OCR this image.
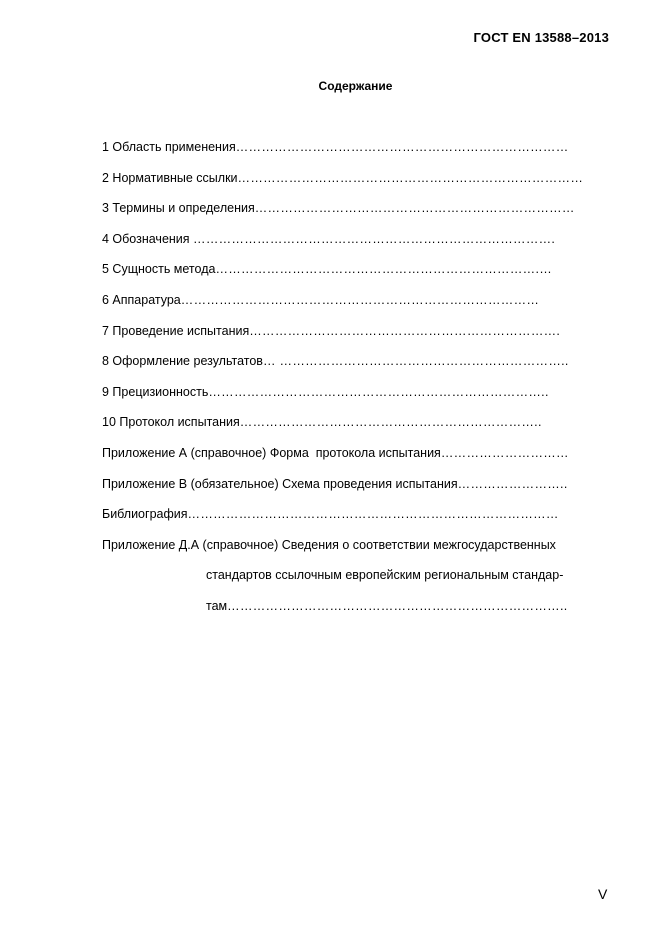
ГОСТ EN 13588–2013
Содержание
1 Область применения……………………………………………………………………
2 Нормативные ссылки………………………………………………………………………
3 Термины и определения…………………………………………………………………
4 Обозначения ………………………………………………………………………….
5 Сущность метода………………………………………………………………….…
6 Аппаратура…………………………………………………………………………
7 Проведение испытания……………………………………………………………….
8 Оформление результатов… …………………………………………………………..
9 Прецизионность……………………………………………………………………..
10 Протокол испытания……………………………………………………………..
Приложение А (справочное) Форма  протокола испытания…………………………
Приложение В (обязательное) Схема проведения испытания……………………..
Библиография……………………………………………………………………………
Приложение Д.А (справочное) Сведения о соответствии межгосударственных
стандартов ссылочным европейским региональным стандар-
там……………………………………………………………………..
V
